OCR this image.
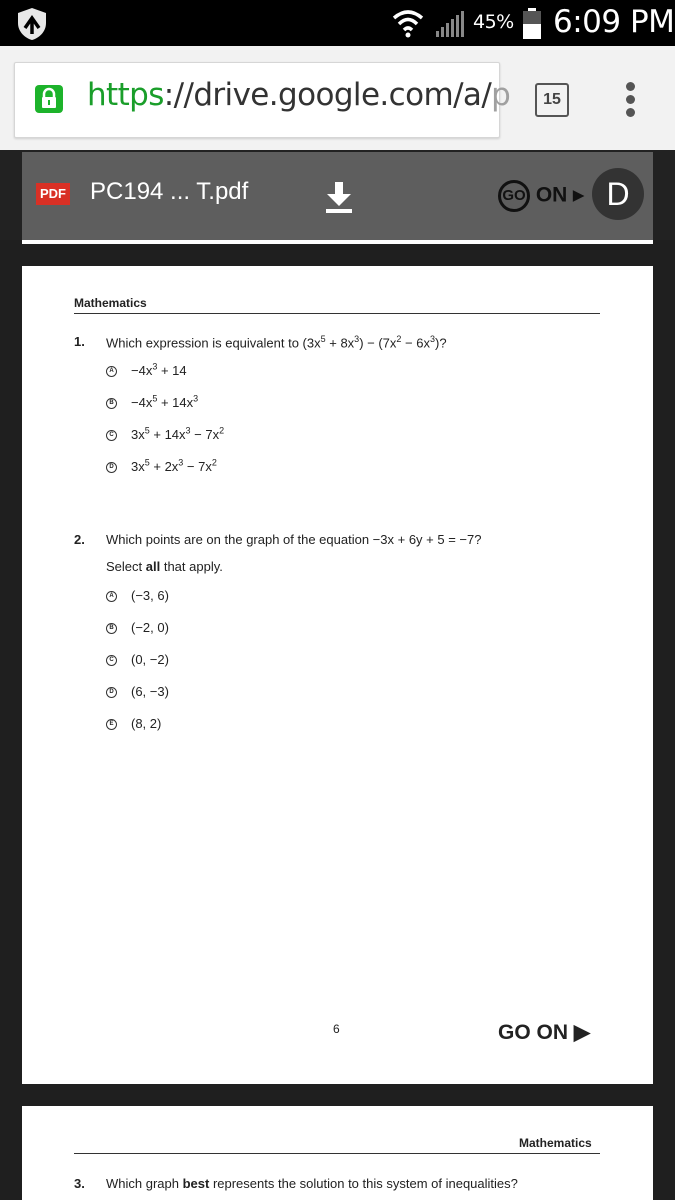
45% 6:09 PM
https://drive.google.com/a/p	15
PDF PC194 ... T.pdf	GO ON ▸ D
Mathematics
1. Which expression is equivalent to $(3x^5 + 8x^3) - (7x^2 - 6x^3)$?
$A -4x^3 + 14$
$B -4x^5 + 14x^3$
C $3x^5 + 14x^3 - 7x^2$
D $3x^5 + 2x^3 - 7x^2$
2. Which points are on the graph of the equation −3x + 6y + 5 = −7?
Select all that apply.
A (−3, 6)
B (−2, 0)
C (0, −2)
D (6, −3)
E (8, 2)
6	GO ON ▶
Mathematics
3. Which graph best represents the solution to this system of inequalities?
